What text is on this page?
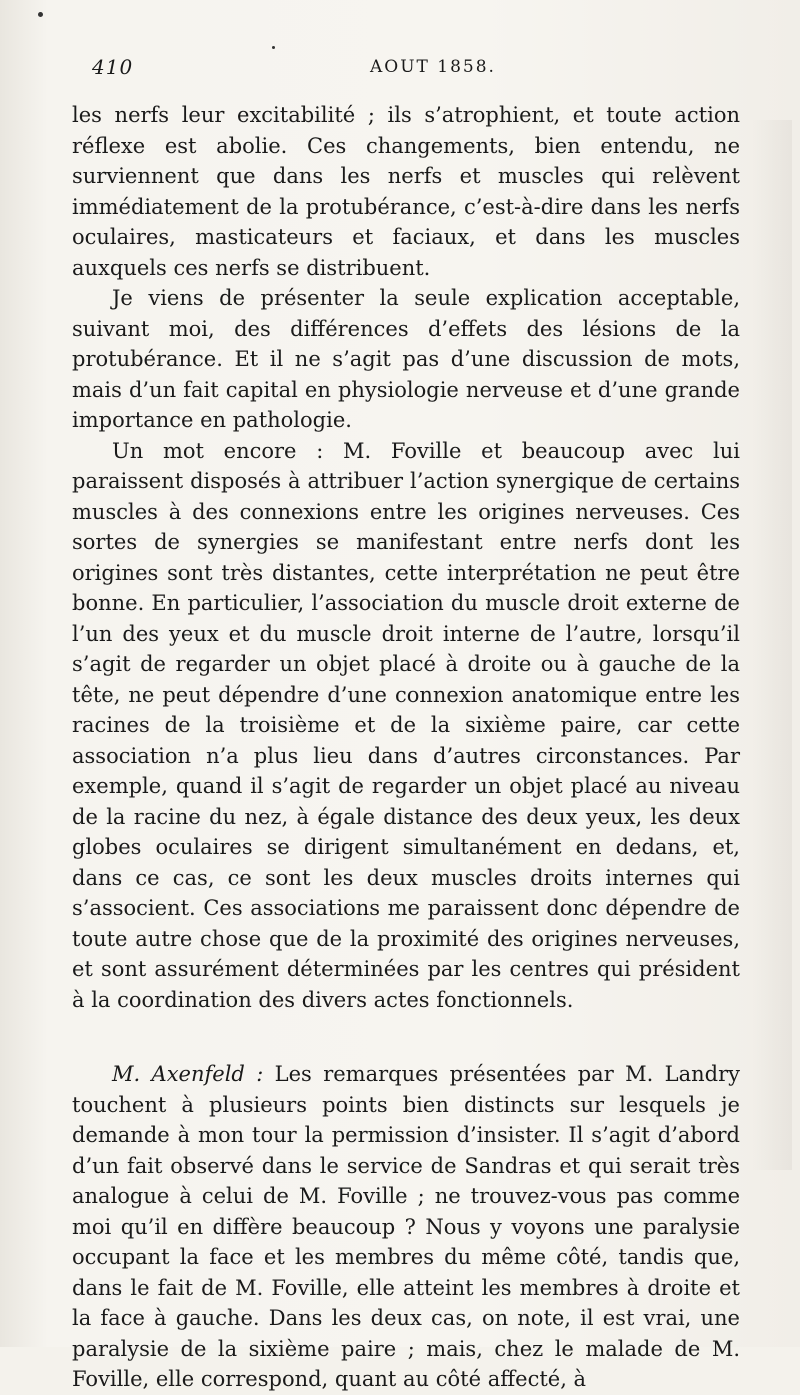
410	AOUT 1858.

les nerfs leur excitabilité ; ils s’atrophient, et toute action réflexe est abolie. Ces changements, bien entendu, ne surviennent que dans les nerfs et muscles qui relèvent immédiatement de la protubérance, c’est-à-dire dans les nerfs oculaires, masticateurs et faciaux, et dans les muscles auxquels ces nerfs se distribuent.

Je viens de présenter la seule explication acceptable, suivant moi, des différences d’effets des lésions de la protubérance. Et il ne s’agit pas d’une discussion de mots, mais d’un fait capital en physiologie nerveuse et d’une grande importance en pathologie.

Un mot encore : M. Foville et beaucoup avec lui paraissent disposés à attribuer l’action synergique de certains muscles à des connexions entre les origines nerveuses. Ces sortes de synergies se manifestant entre nerfs dont les origines sont très distantes, cette interprétation ne peut être bonne. En particulier, l’association du muscle droit externe de l’un des yeux et du muscle droit interne de l’autre, lorsqu’il s’agit de regarder un objet placé à droite ou à gauche de la tête, ne peut dépendre d’une connexion anatomique entre les racines de la troisième et de la sixième paire, car cette association n’a plus lieu dans d’autres circonstances. Par exemple, quand il s’agit de regarder un objet placé au niveau de la racine du nez, à égale distance des deux yeux, les deux globes oculaires se dirigent simultanément en dedans, et, dans ce cas, ce sont les deux muscles droits internes qui s’associent. Ces associations me paraissent donc dépendre de toute autre chose que de la proximité des origines nerveuses, et sont assurément déterminées par les centres qui président à la coordination des divers actes fonctionnels.

M. Axenfeld : Les remarques présentées par M. Landry touchent à plusieurs points bien distincts sur lesquels je demande à mon tour la permission d’insister. Il s’agit d’abord d’un fait observé dans le service de Sandras et qui serait très analogue à celui de M. Foville ; ne trouvez-vous pas comme moi qu’il en diffère beaucoup ? Nous y voyons une paralysie occupant la face et les membres du même côté, tandis que, dans le fait de M. Foville, elle atteint les membres à droite et la face à gauche. Dans les deux cas, on note, il est vrai, une paralysie de la sixième paire ; mais, chez le malade de M. Foville, elle correspond, quant au côté affecté, à
